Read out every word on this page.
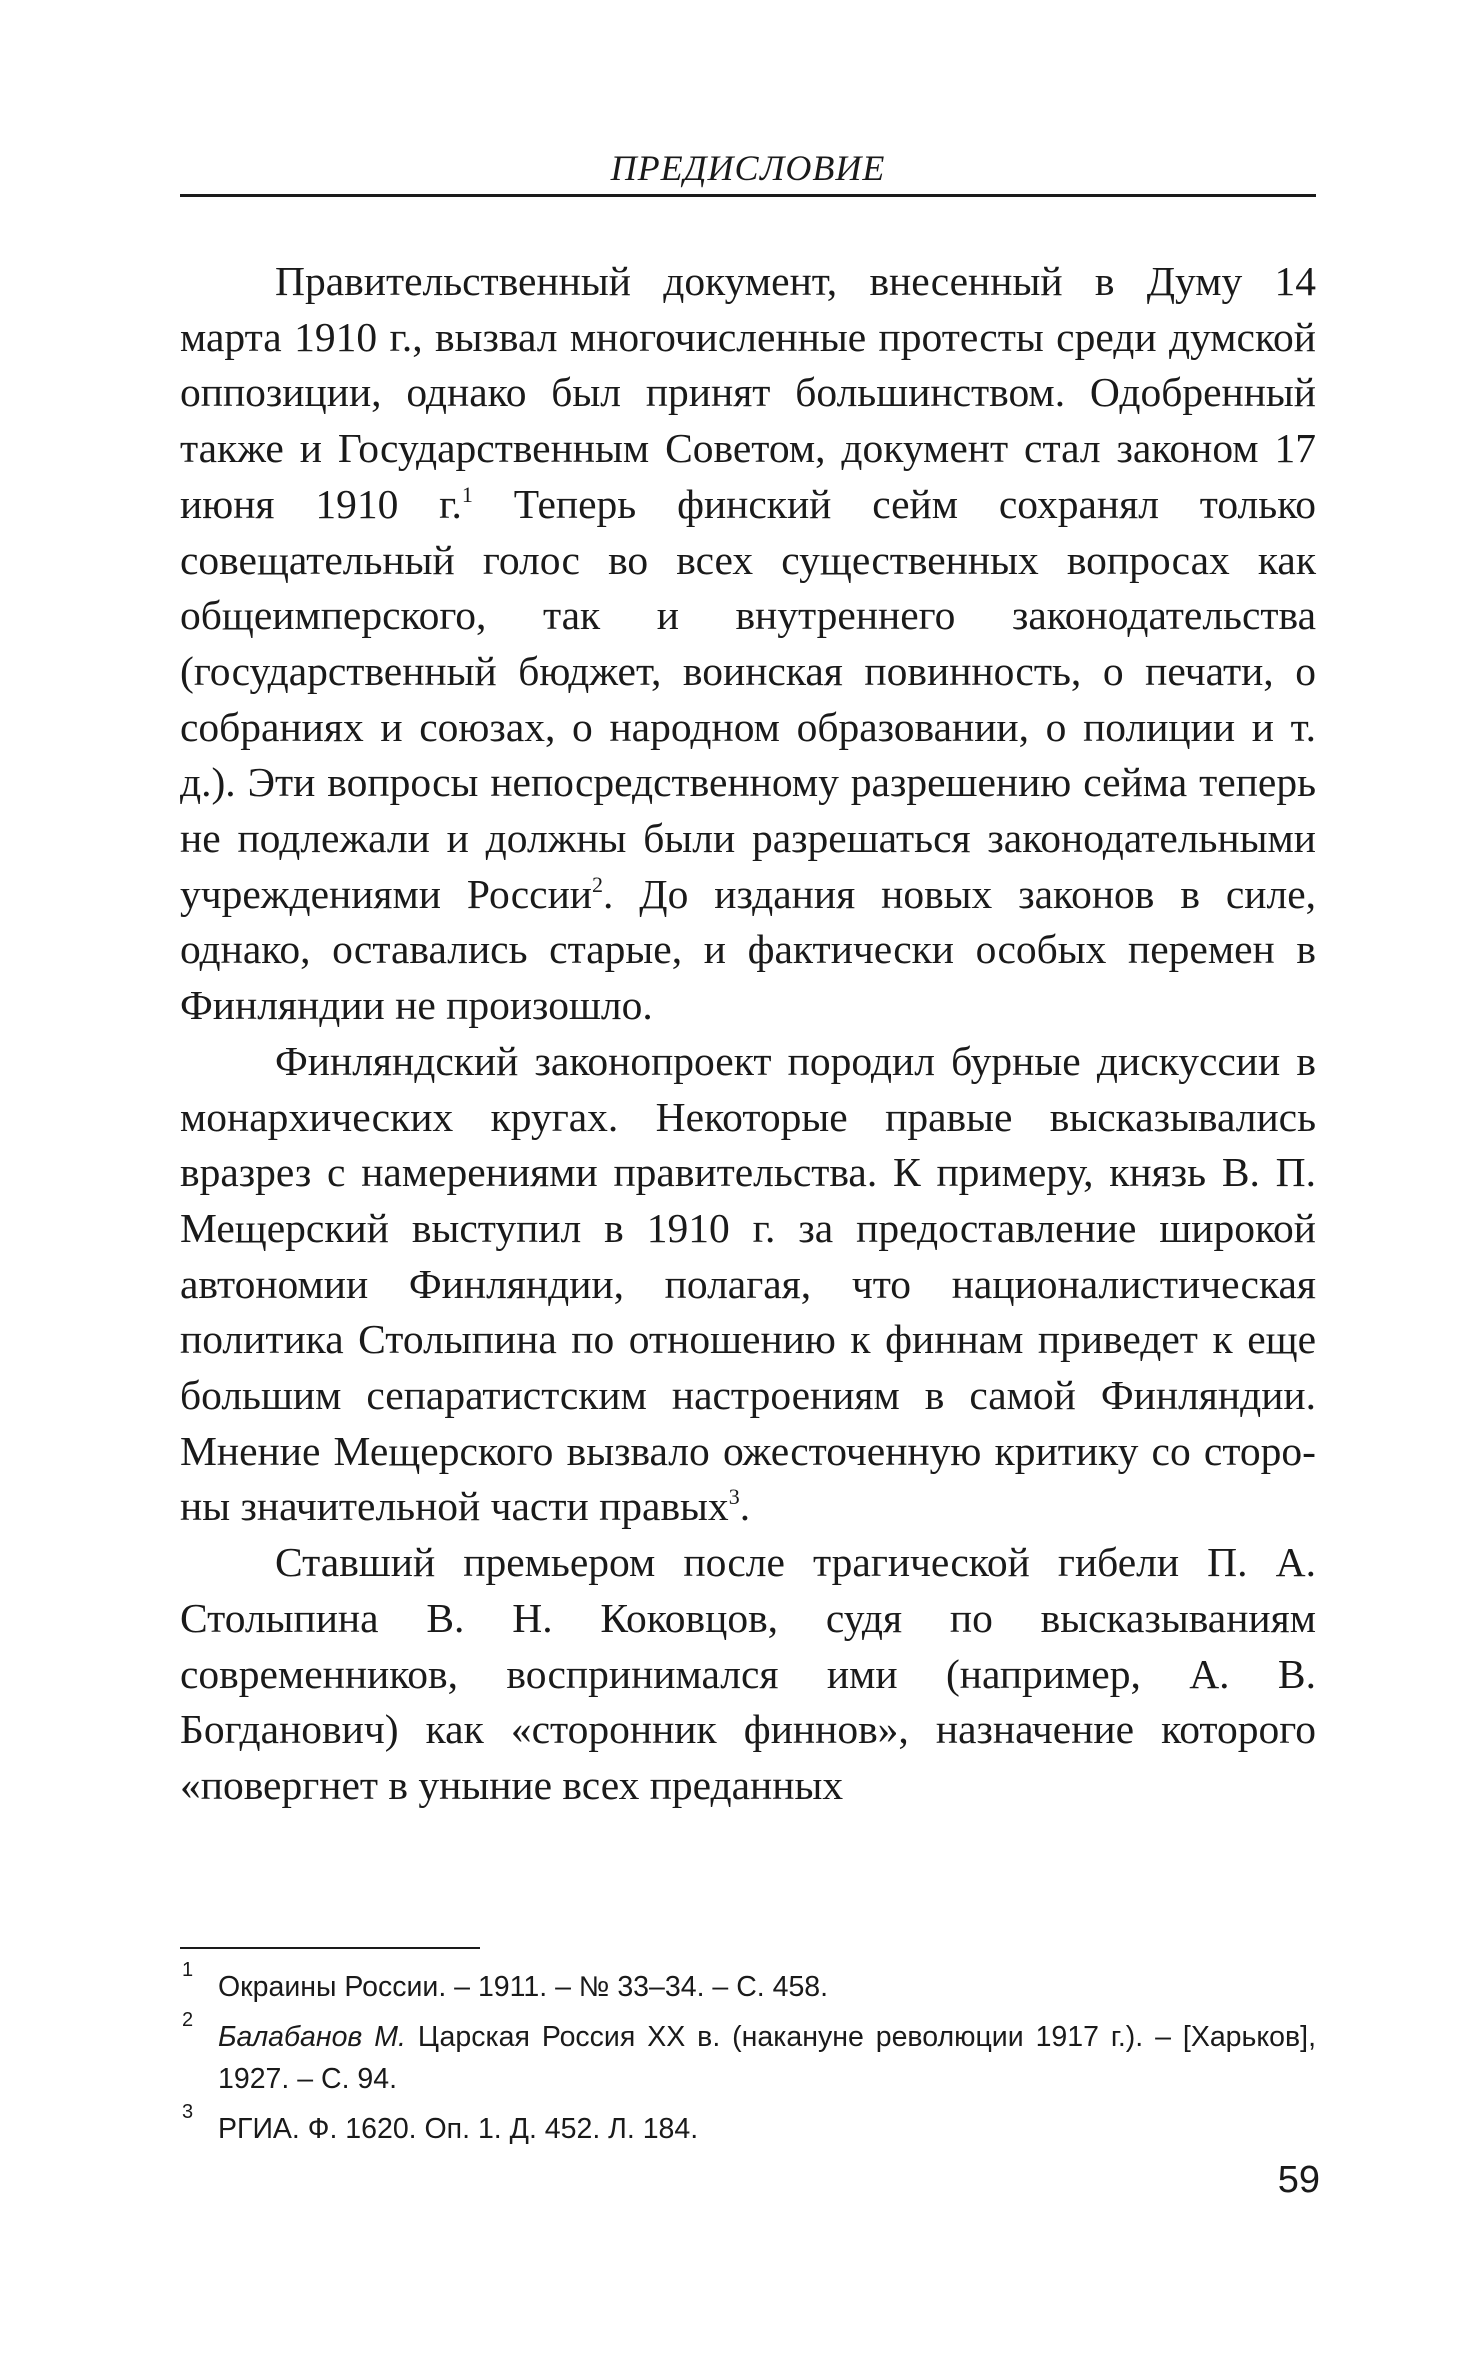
ПРЕДИСЛОВИЕ

Правительственный документ, внесенный в Думу 14 марта 1910 г., вызвал многочисленные протесты среди думской оппозиции, однако был принят большинством. Одобренный также и Государственным Советом, документ стал законом 17 июня 1910 г.$^1$ Теперь финский сейм сохранял только совещательный голос во всех существенных вопросах как общеимперского, так и внутреннего законодательства (государственный бюджет, воинская повинность, о печати, о собраниях и союзах, о народном образовании, о полиции и т. д.). Эти вопросы непосредственному разрешению сейма теперь не подлежали и должны были разрешаться законодательными учреждениями России$^2$. До издания новых законов в силе, однако, оставались старые, и фактически особых перемен в Финляндии не произошло.

Финляндский законопроект породил бурные дискуссии в монархических кругах. Некоторые правые высказывались вразрез с намерениями правительства. К примеру, князь В. П. Мещерский выступил в 1910 г. за предоставление широкой автономии Финляндии, полагая, что националистическая политика Столыпина по отношению к финнам приведет к еще большим сепаратистским настроениям в самой Финляндии. Мнение Мещерского вызвало ожесточенную критику со стороны значительной части правых$^3$.

Ставший премьером после трагической гибели П. А. Столыпина В. Н. Коковцов, судя по высказываниям современников, воспринимался ими (например, А. В. Богданович) как «сторонник финнов», назначение которого «повергнет в уныние всех преданных

1
Окраины России. – 1911. – № 33–34. – С. 458.
2
Балабанов М. Царская Россия XX в. (накануне революции 1917 г.). – [Харьков], 1927. – С. 94.
3
РГИА. Ф. 1620. Оп. 1. Д. 452. Л. 184.
59
